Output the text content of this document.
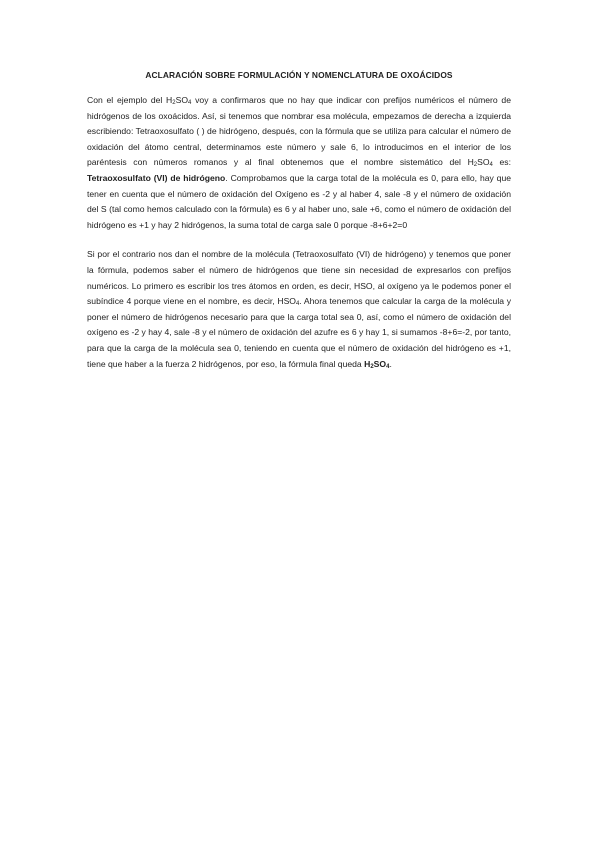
ACLARACIÓN SOBRE FORMULACIÓN Y NOMENCLATURA DE OXOÁCIDOS

Con el ejemplo del $H_2SO_4$ voy a confirmaros que no hay que indicar con prefijos numéricos el número de hidrógenos de los oxoácidos. Así, si tenemos que nombrar esa molécula, empezamos de derecha a izquierda escribiendo: Tetraoxosulfato ( ) de hidrógeno, después, con la fórmula que se utiliza para calcular el número de oxidación del átomo central, determinamos este número y sale 6, lo introducimos en el interior de los paréntesis con números romanos y al final obtenemos que el nombre sistemático del $H_2SO_4$ es: Tetraoxosulfato (VI) de hidrógeno. Comprobamos que la carga total de la molécula es 0, para ello, hay que tener en cuenta que el número de oxidación del Oxígeno es -2 y al haber 4, sale -8 y el número de oxidación del S (tal como hemos calculado con la fórmula) es 6 y al haber uno, sale +6, como el número de oxidación del hidrógeno es +1 y hay 2 hidrógenos, la suma total de carga sale 0 porque -8+6+2=0

Si por el contrario nos dan el nombre de la molécula (Tetraoxosulfato (VI) de hidrógeno) y tenemos que poner la fórmula, podemos saber el número de hidrógenos que tiene sin necesidad de expresarlos con prefijos numéricos. Lo primero es escribir los tres átomos en orden, es decir, HSO, al oxígeno ya le podemos poner el subíndice 4 porque viene en el nombre, es decir, $HSO_4$. Ahora tenemos que calcular la carga de la molécula y poner el número de hidrógenos necesario para que la carga total sea 0, así, como el número de oxidación del oxígeno es -2 y hay 4, sale -8 y el número de oxidación del azufre es 6 y hay 1, si sumamos -8+6=-2, por tanto, para que la carga de la molécula sea 0, teniendo en cuenta que el número de oxidación del hidrógeno es +1, tiene que haber a la fuerza 2 hidrógenos, por eso, la fórmula final queda $H_2SO_4$.
